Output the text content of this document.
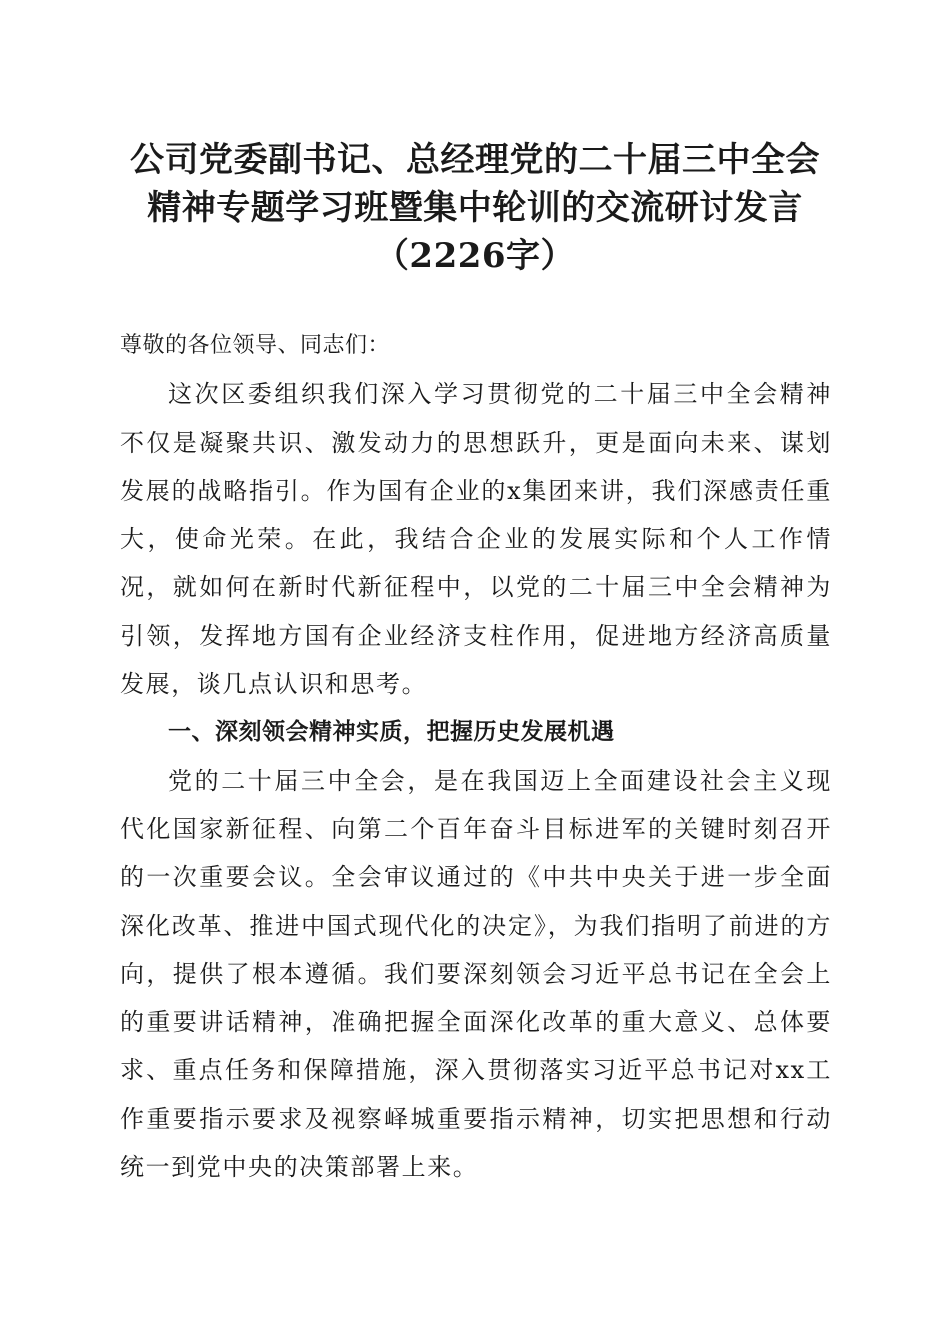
公司党委副书记、总经理党的二十届三中全会
精神专题学习班暨集中轮训的交流研讨发言
（2226字）

尊敬的各位领导、同志们：

这次区委组织我们深入学习贯彻党的二十届三中全会精神不仅是凝聚共识、激发动力的思想跃升，更是面向未来、谋划发展的战略指引。作为国有企业的x集团来讲，我们深感责任重大，使命光荣。在此，我结合企业的发展实际和个人工作情况，就如何在新时代新征程中，以党的二十届三中全会精神为引领，发挥地方国有企业经济支柱作用，促进地方经济高质量发展，谈几点认识和思考。

一、深刻领会精神实质，把握历史发展机遇

党的二十届三中全会，是在我国迈上全面建设社会主义现代化国家新征程、向第二个百年奋斗目标进军的关键时刻召开的一次重要会议。全会审议通过的《中共中央关于进一步全面深化改革、推进中国式现代化的决定》，为我们指明了前进的方向，提供了根本遵循。我们要深刻领会习近平总书记在全会上的重要讲话精神，准确把握全面深化改革的重大意义、总体要求、重点任务和保障措施，深入贯彻落实习近平总书记对xx工作重要指示要求及视察峄城重要指示精神，切实把思想和行动统一到党中央的决策部署上来。
